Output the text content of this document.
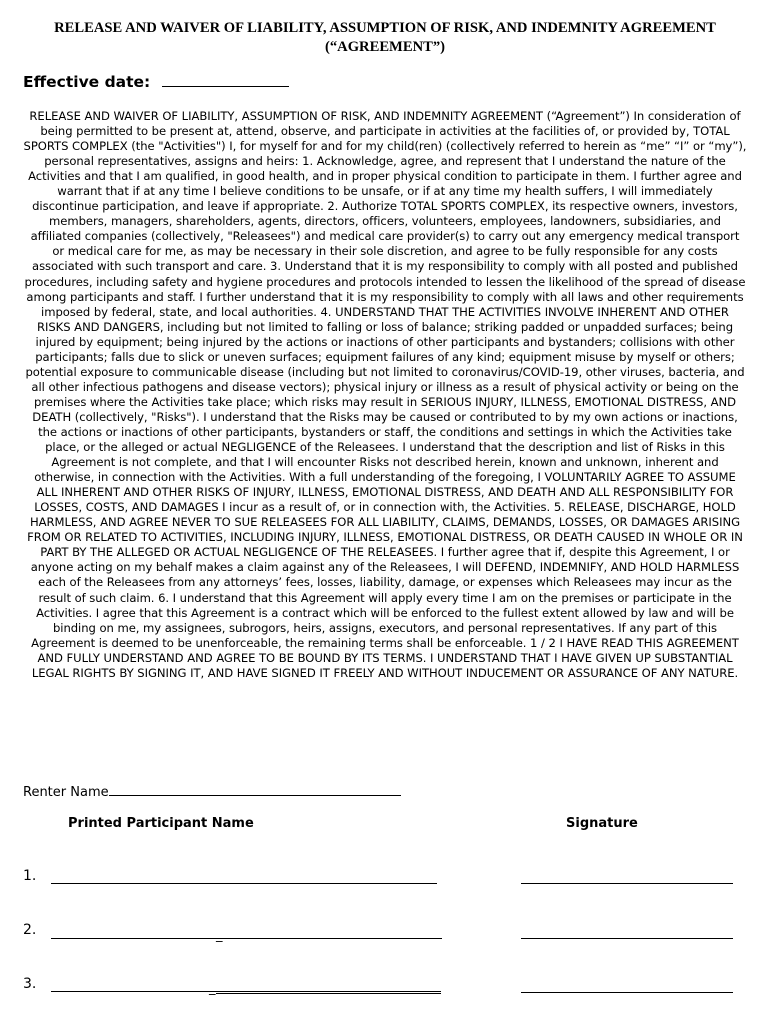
RELEASE AND WAIVER OF LIABILITY, ASSUMPTION OF RISK, AND INDEMNITY AGREEMENT
(“AGREEMENT”)
Effective date:
RELEASE AND WAIVER OF LIABILITY, ASSUMPTION OF RISK, AND INDEMNITY AGREEMENT (“Agreement”) In consideration of being permitted to be present at, attend, observe, and participate in activities at the facilities of, or provided by, TOTAL SPORTS COMPLEX (the "Activities") I, for myself for and for my child(ren) (collectively referred to herein as “me” “I” or “my”), personal representatives, assigns and heirs: 1. Acknowledge, agree, and represent that I understand the nature of the Activities and that I am qualified, in good health, and in proper physical condition to participate in them. I further agree and warrant that if at any time I believe conditions to be unsafe, or if at any time my health suffers, I will immediately discontinue participation, and leave if appropriate. 2. Authorize TOTAL SPORTS COMPLEX, its respective owners, investors, members, managers, shareholders, agents, directors, officers, volunteers, employees, landowners, subsidiaries, and affiliated companies (collectively, "Releasees") and medical care provider(s) to carry out any emergency medical transport or medical care for me, as may be necessary in their sole discretion, and agree to be fully responsible for any costs associated with such transport and care. 3. Understand that it is my responsibility to comply with all posted and published procedures, including safety and hygiene procedures and protocols intended to lessen the likelihood of the spread of disease among participants and staff. I further understand that it is my responsibility to comply with all laws and other requirements imposed by federal, state, and local authorities. 4. UNDERSTAND THAT THE ACTIVITIES INVOLVE INHERENT AND OTHER RISKS AND DANGERS, including but not limited to falling or loss of balance; striking padded or unpadded surfaces; being injured by equipment; being injured by the actions or inactions of other participants and bystanders; collisions with other participants; falls due to slick or uneven surfaces; equipment failures of any kind; equipment misuse by myself or others; potential exposure to communicable disease (including but not limited to coronavirus/COVID-19, other viruses, bacteria, and all other infectious pathogens and disease vectors); physical injury or illness as a result of physical activity or being on the premises where the Activities take place; which risks may result in SERIOUS INJURY, ILLNESS, EMOTIONAL DISTRESS, AND DEATH (collectively, "Risks"). I understand that the Risks may be caused or contributed to by my own actions or inactions, the actions or inactions of other participants, bystanders or staff, the conditions and settings in which the Activities take place, or the alleged or actual NEGLIGENCE of the Releasees. I understand that the description and list of Risks in this Agreement is not complete, and that I will encounter Risks not described herein, known and unknown, inherent and otherwise, in connection with the Activities. With a full understanding of the foregoing, I VOLUNTARILY AGREE TO ASSUME ALL INHERENT AND OTHER RISKS OF INJURY, ILLNESS, EMOTIONAL DISTRESS, AND DEATH AND ALL RESPONSIBILITY FOR LOSSES, COSTS, AND DAMAGES I incur as a result of, or in connection with, the Activities. 5. RELEASE, DISCHARGE, HOLD HARMLESS, AND AGREE NEVER TO SUE RELEASEES FOR ALL LIABILITY, CLAIMS, DEMANDS, LOSSES, OR DAMAGES ARISING FROM OR RELATED TO ACTIVITIES, INCLUDING INJURY, ILLNESS, EMOTIONAL DISTRESS, OR DEATH CAUSED IN WHOLE OR IN PART BY THE ALLEGED OR ACTUAL NEGLIGENCE OF THE RELEASEES. I further agree that if, despite this Agreement, I or anyone acting on my behalf makes a claim against any of the Releasees, I will DEFEND, INDEMNIFY, AND HOLD HARMLESS each of the Releasees from any attorneys’ fees, losses, liability, damage, or expenses which Releasees may incur as the result of such claim. 6. I understand that this Agreement will apply every time I am on the premises or participate in the Activities. I agree that this Agreement is a contract which will be enforced to the fullest extent allowed by law and will be binding on me, my assignees, subrogors, heirs, assigns, executors, and personal representatives. If any part of this Agreement is deemed to be unenforceable, the remaining terms shall be enforceable. 1 / 2 I HAVE READ THIS AGREEMENT AND FULLY UNDERSTAND AND AGREE TO BE BOUND BY ITS TERMS. I UNDERSTAND THAT I HAVE GIVEN UP SUBSTANTIAL LEGAL RIGHTS BY SIGNING IT, AND HAVE SIGNED IT FREELY AND WITHOUT INDUCEMENT OR ASSURANCE OF ANY NATURE.
Renter Name
Printed Participant Name	Signature
1.
2.	_
3.	_
